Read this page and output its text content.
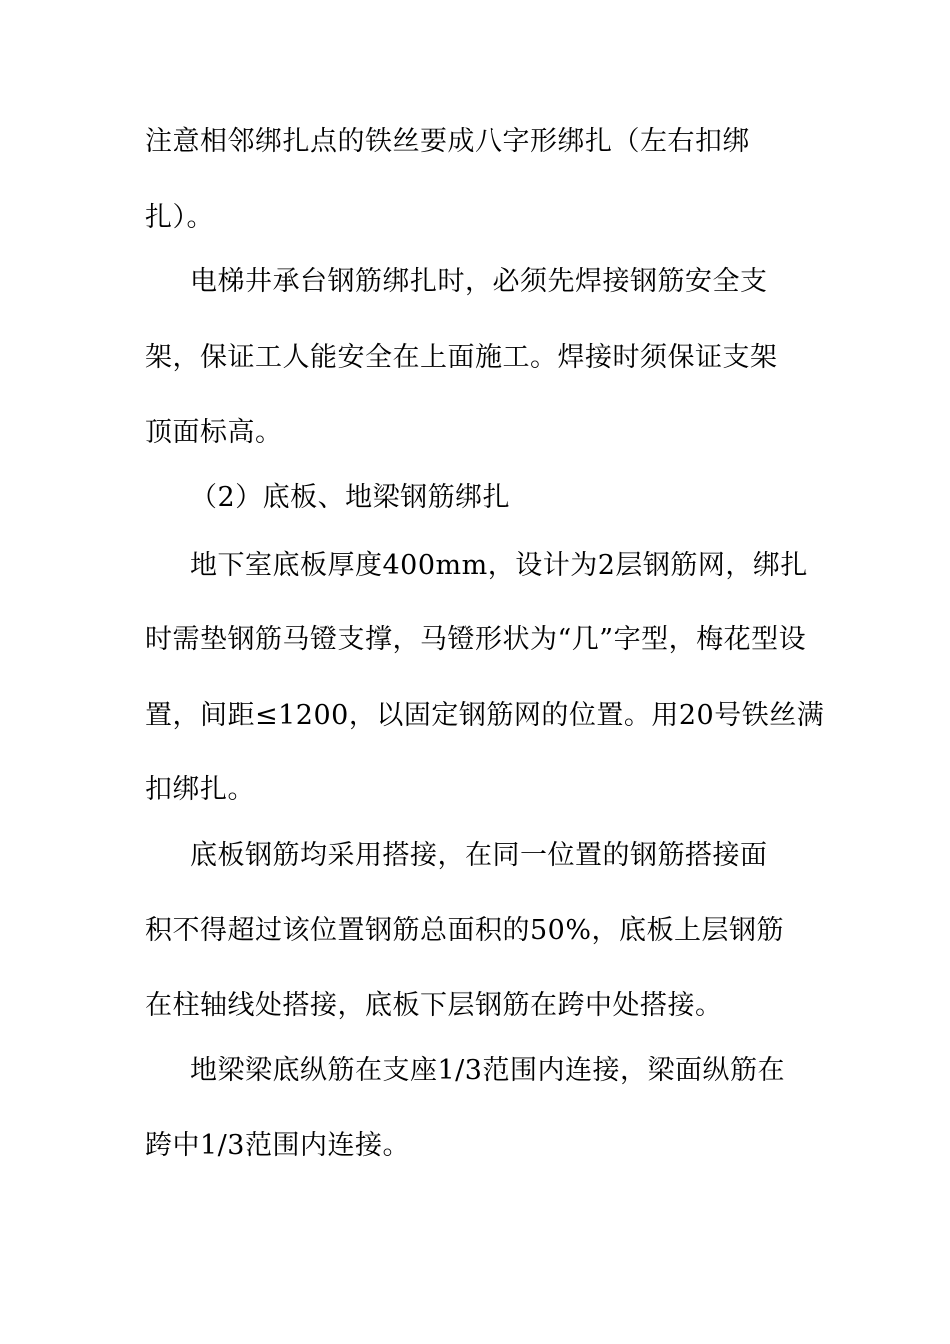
注意相邻绑扎点的铁丝要成八字形绑扎（左右扣绑
扎）。
电梯井承台钢筋绑扎时，必须先焊接钢筋安全支
架，保证工人能安全在上面施工。焊接时须保证支架
顶面标高。
（2）底板、地梁钢筋绑扎
地下室底板厚度400mm，设计为2层钢筋网，绑扎
时需垫钢筋马镫支撑，马镫形状为“几”字型，梅花型设
置，间距≤1200，以固定钢筋网的位置。用20号铁丝满
扣绑扎。
底板钢筋均采用搭接，在同一位置的钢筋搭接面
积不得超过该位置钢筋总面积的50%，底板上层钢筋
在柱轴线处搭接，底板下层钢筋在跨中处搭接。
地梁梁底纵筋在支座1/3范围内连接，梁面纵筋在
跨中1/3范围内连接。
